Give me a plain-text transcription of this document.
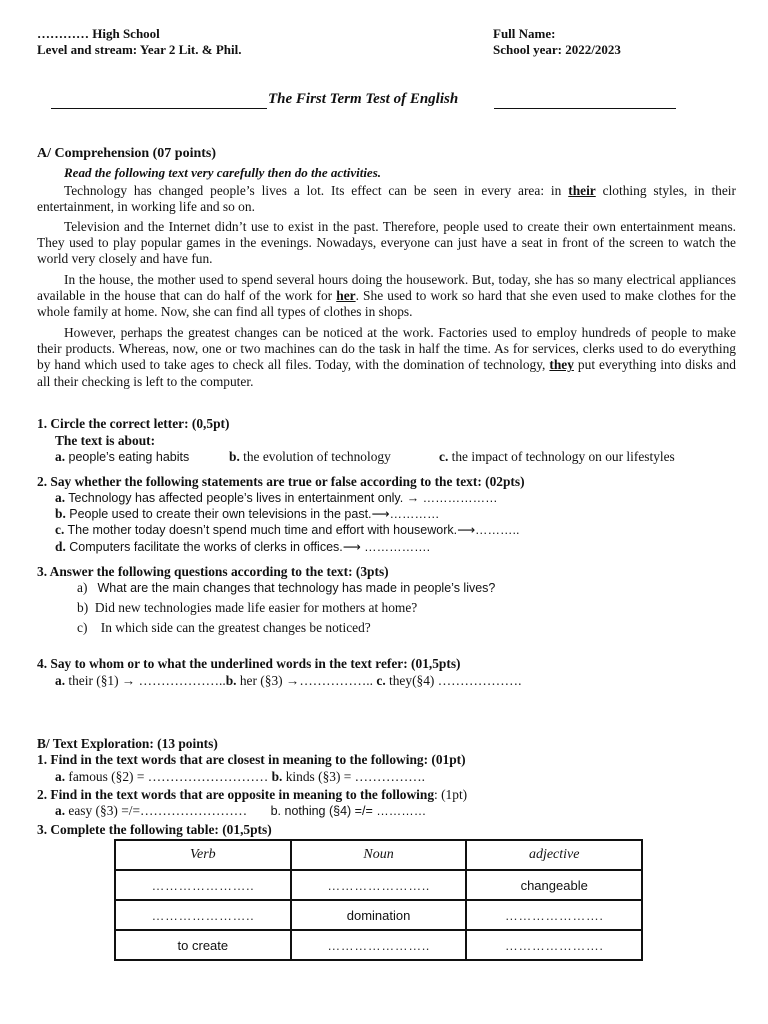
………… High School
Level and stream: Year 2 Lit. & Phil.
Full Name:
School year: 2022/2023
The First Term Test of English
A/ Comprehension (07 points)
Read the following text very carefully then do the activities.
Technology has changed people’s lives a lot. Its effect can be seen in every area: in their clothing styles, in their entertainment, in working life and so on.
Television and the Internet didn’t use to exist in the past. Therefore, people used to create their own entertainment means. They used to play popular games in the evenings. Nowadays, everyone can just have a seat in front of the screen to watch the world very closely and have fun.
In the house, the mother used to spend several hours doing the housework. But, today, she has so many electrical appliances available in the house that can do half of the work for her. She used to work so hard that she even used to make clothes for the whole family at home. Now, she can find all types of clothes in shops.
However, perhaps the greatest changes can be noticed at the work. Factories used to employ hundreds of people to make their products. Whereas, now, one or two machines can do the task in half the time. As for services, clerks used to do everything by hand which used to take ages to check all files. Today, with the domination of technology, they put everything into disks and all their checking is left to the computer.
1. Circle the correct letter: (0,5pt)
The text is about:
a. people’s eating habits	b. the evolution of technology	c. the impact of technology on our lifestyles
2. Say whether the following statements are true or false according to the text: (02pts)
a. Technology has affected people’s lives in entertainment only. → ………………
b. People used to create their own televisions in the past.⟶…………
c. The mother today doesn’t spend much time and effort with housework.⟶………..
d. Computers facilitate the works of clerks in offices.⟶ …………….
3. Answer the following questions according to the text: (3pts)
a) What are the main changes that technology has made in people’s lives?
b) Did new technologies made life easier for mothers at home?
c) In which side can the greatest changes be noticed?
4. Say to whom or to what the underlined words in the text refer: (01,5pts)
a. their (§1) → ………………..b. her (§3) →…………….. c. they(§4) ……………….
B/ Text Exploration: (13 points)
1. Find in the text words that are closest in meaning to the following: (01pt)
a. famous (§2) = ……………………… b. kinds (§3) = …………….
2. Find in the text words that are opposite in meaning to the following: (1pt)
a. easy (§3) =/=…………………… b. nothing (§4) =/= …………
3. Complete the following table: (01,5pts)
Verb	Noun	adjective
…………………..	…………………..	changeable
…………………..	domination	………………….
to create	…………………..	………………….
